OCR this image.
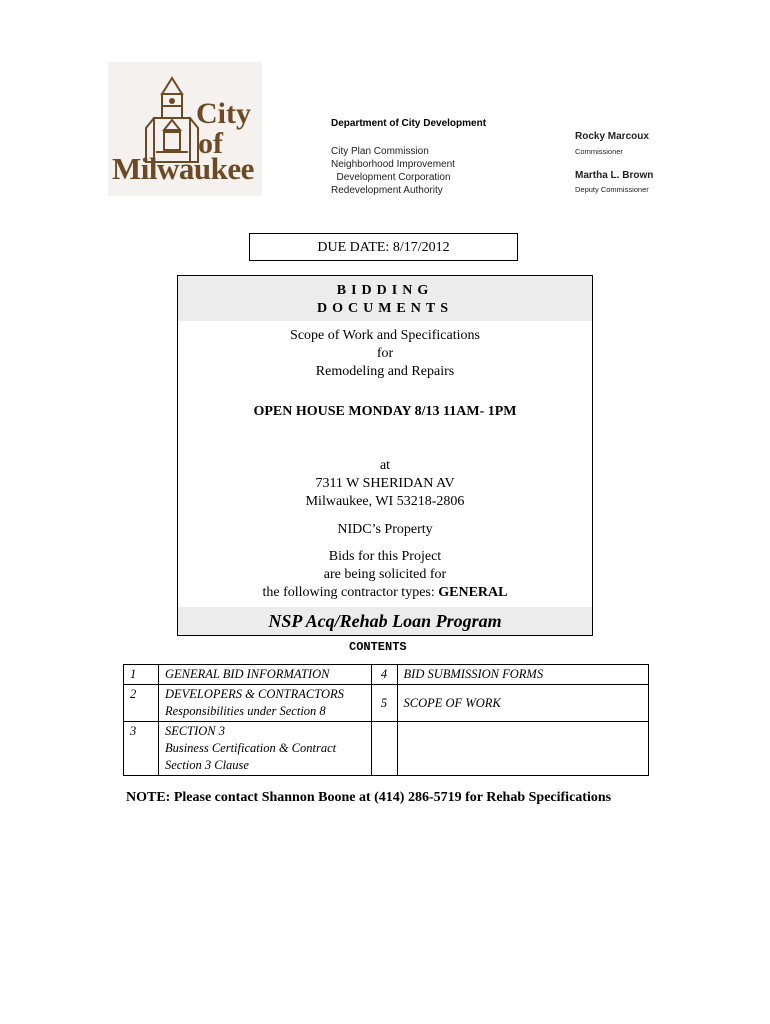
City
of
Milwaukee
Department of City Development
City Plan Commission
Neighborhood Improvement
Development Corporation
Redevelopment Authority
Rocky Marcoux
Commissioner
Martha L. Brown
Deputy Commissioner
DUE DATE: 8/17/2012
BIDDING
DOCUMENTS
Scope of Work and Specifications
for
Remodeling and Repairs
OPEN HOUSE MONDAY 8/13 11AM- 1PM
at
7311 W SHERIDAN AV
Milwaukee, WI 53218-2806
NIDC’s Property
Bids for this Project
are being solicited for
the following contractor types: GENERAL
NSP Acq/Rehab Loan Program
CONTENTS
1	GENERAL BID INFORMATION	4	BID SUBMISSION FORMS
2	DEVELOPERS & CONTRACTORS
Responsibilities under Section 8	5	SCOPE OF WORK
3	SECTION 3
Business Certification & Contract
Section 3 Clause		

NOTE: Please contact Shannon Boone at (414) 286-5719 for Rehab Specifications
